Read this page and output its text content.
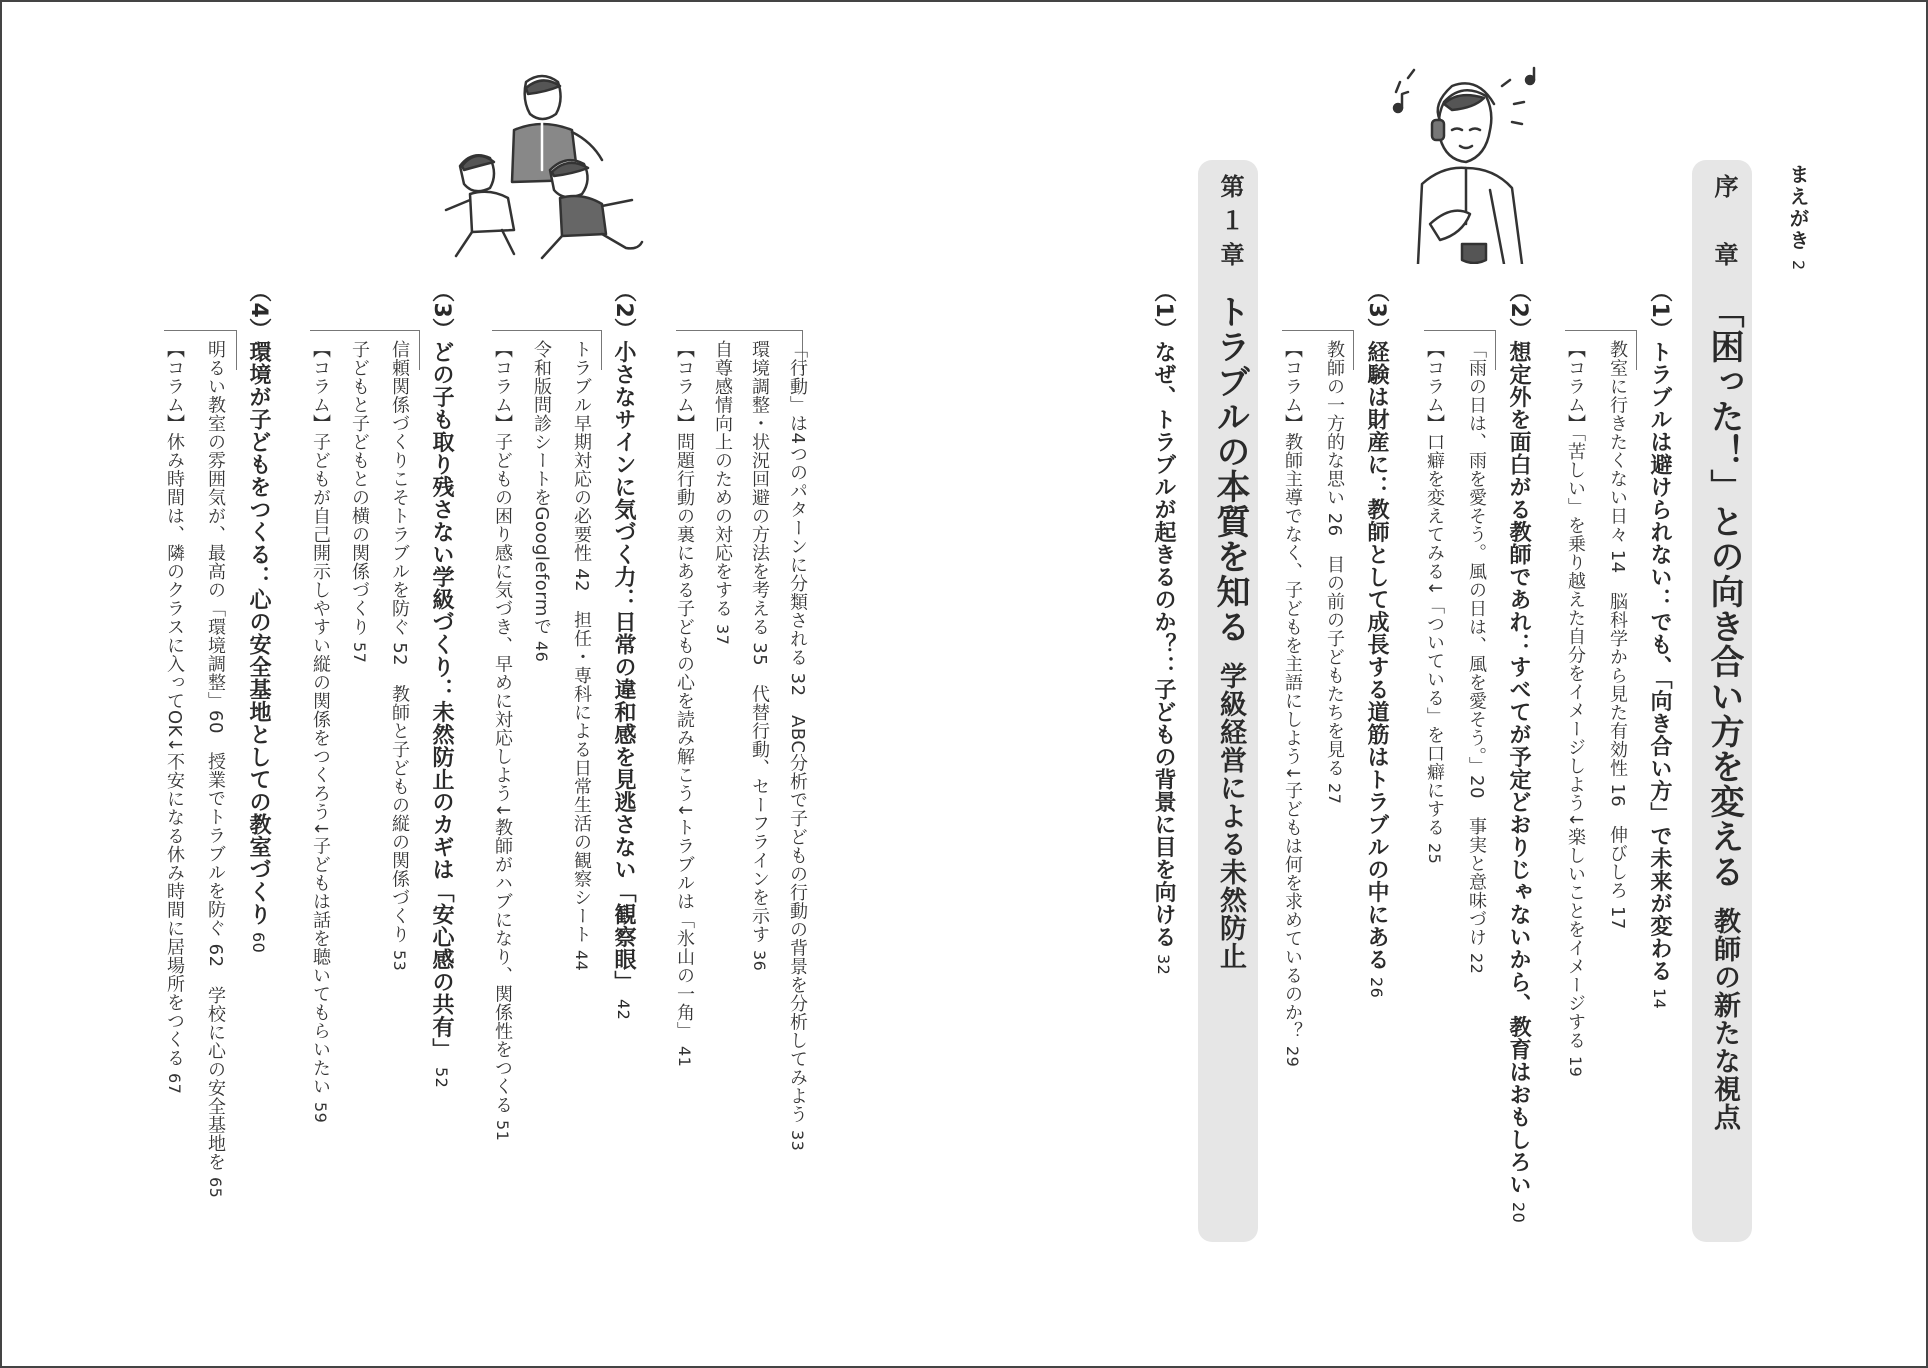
まえがき2
序　章「困った！」との向き合い方を変える教師の新たな視点
（1）トラブルは避けられない：でも、「向き合い方」で未来が変わる14
教室に行きたくない日々 14　脳科学から見た有効性 16　伸びしろ 17
【コラム】「苦しい」を乗り越えた自分をイメージしよう↓楽しいことをイメージする19
（2）想定外を面白がる教師であれ：すべてが予定どおりじゃないから、教育はおもしろい20
「雨の日は、雨を愛そう。風の日は、風を愛そう。」20　事実と意味づけ22
【コラム】口癖を変えてみる↓「ついている」を口癖にする25
（3）経験は財産に：教師として成長する道筋はトラブルの中にある26
教師の一方的な思い 26　目の前の子どもたちを見る27
【コラム】教師主導でなく、子どもを主語にしよう↓子どもは何を求めているのか？29
第１章トラブルの本質を知る学級経営による未然防止
（1）なぜ、トラブルが起きるのか？：子どもの背景に目を向ける32
「行動」は4つのパターンに分類される 32　ABC分析で子どもの行動の背景を分析してみよう33
環境調整・状況回避の方法を考える 35　代替行動、セーフラインを示す36
自尊感情向上のための対応をする37
【コラム】問題行動の裏にある子どもの心を読み解こう↓トラブルは「氷山の一角」41
（2）小さなサインに気づく力：日常の違和感を見逃さない「観察眼」42
トラブル早期対応の必要性 42　担任・専科による日常生活の観察シート44
令和版問診シートをGoogleformで46
【コラム】子どもの困り感に気づき、早めに対応しよう↓教師がハブになり、関係性をつくる51
（3）どの子も取り残さない学級づくり：未然防止のカギは「安心感の共有」52
信頼関係づくりこそトラブルを防ぐ 52　教師と子どもの縦の関係づくり53
子どもと子どもとの横の関係づくり57
【コラム】子どもが自己開示しやすい縦の関係をつくろう↓子どもは話を聴いてもらいたい59
（4）環境が子どもをつくる：心の安全基地としての教室づくり60
明るい教室の雰囲気が、最高の「環境調整」60　授業でトラブルを防ぐ 62　学校に心の安全基地を65
【コラム】休み時間は、隣のクラスに入ってOK↓不安になる休み時間に居場所をつくる67
